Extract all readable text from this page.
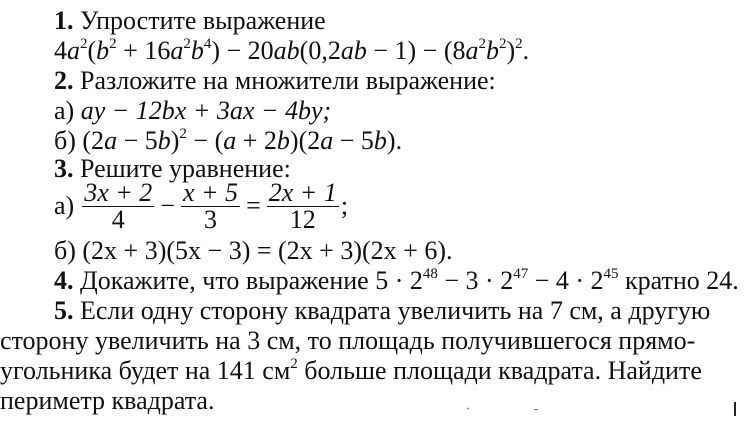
1. Упростите выражение
$4a^2(b^2 + 16a^2b^4) - 20ab(0,2ab - 1) - (8a^2b^2)^2$.
2. Разложите на множители выражение:
а) ay − 12bx + 3ax − 4by;
б) $(2a - 5b)^2 - (a + 2b)(2a - 5b)$.
3. Решите уравнение:
$а) \frac{3x + 2}{4} - \frac{x + 5}{3} = \frac{2x + 1}{12}$ ;
б) (2x + 3)(5x − 3) = (2x + 3)(2x + 6).
4. Докажите, что выражение $5 \cdot 2^{48} - 3 \cdot 2^{47} - 4 \cdot 2^{45}$ кратно 24.
5. Если одну сторону квадрата увеличить на 7 см, а другую
сторону увеличить на 3 см, то площадь получившегося прямо-
угольника будет на 141 $см^2$ больше площади квадрата. Найдите
периметр квадрата.	ˋ	ˉ
